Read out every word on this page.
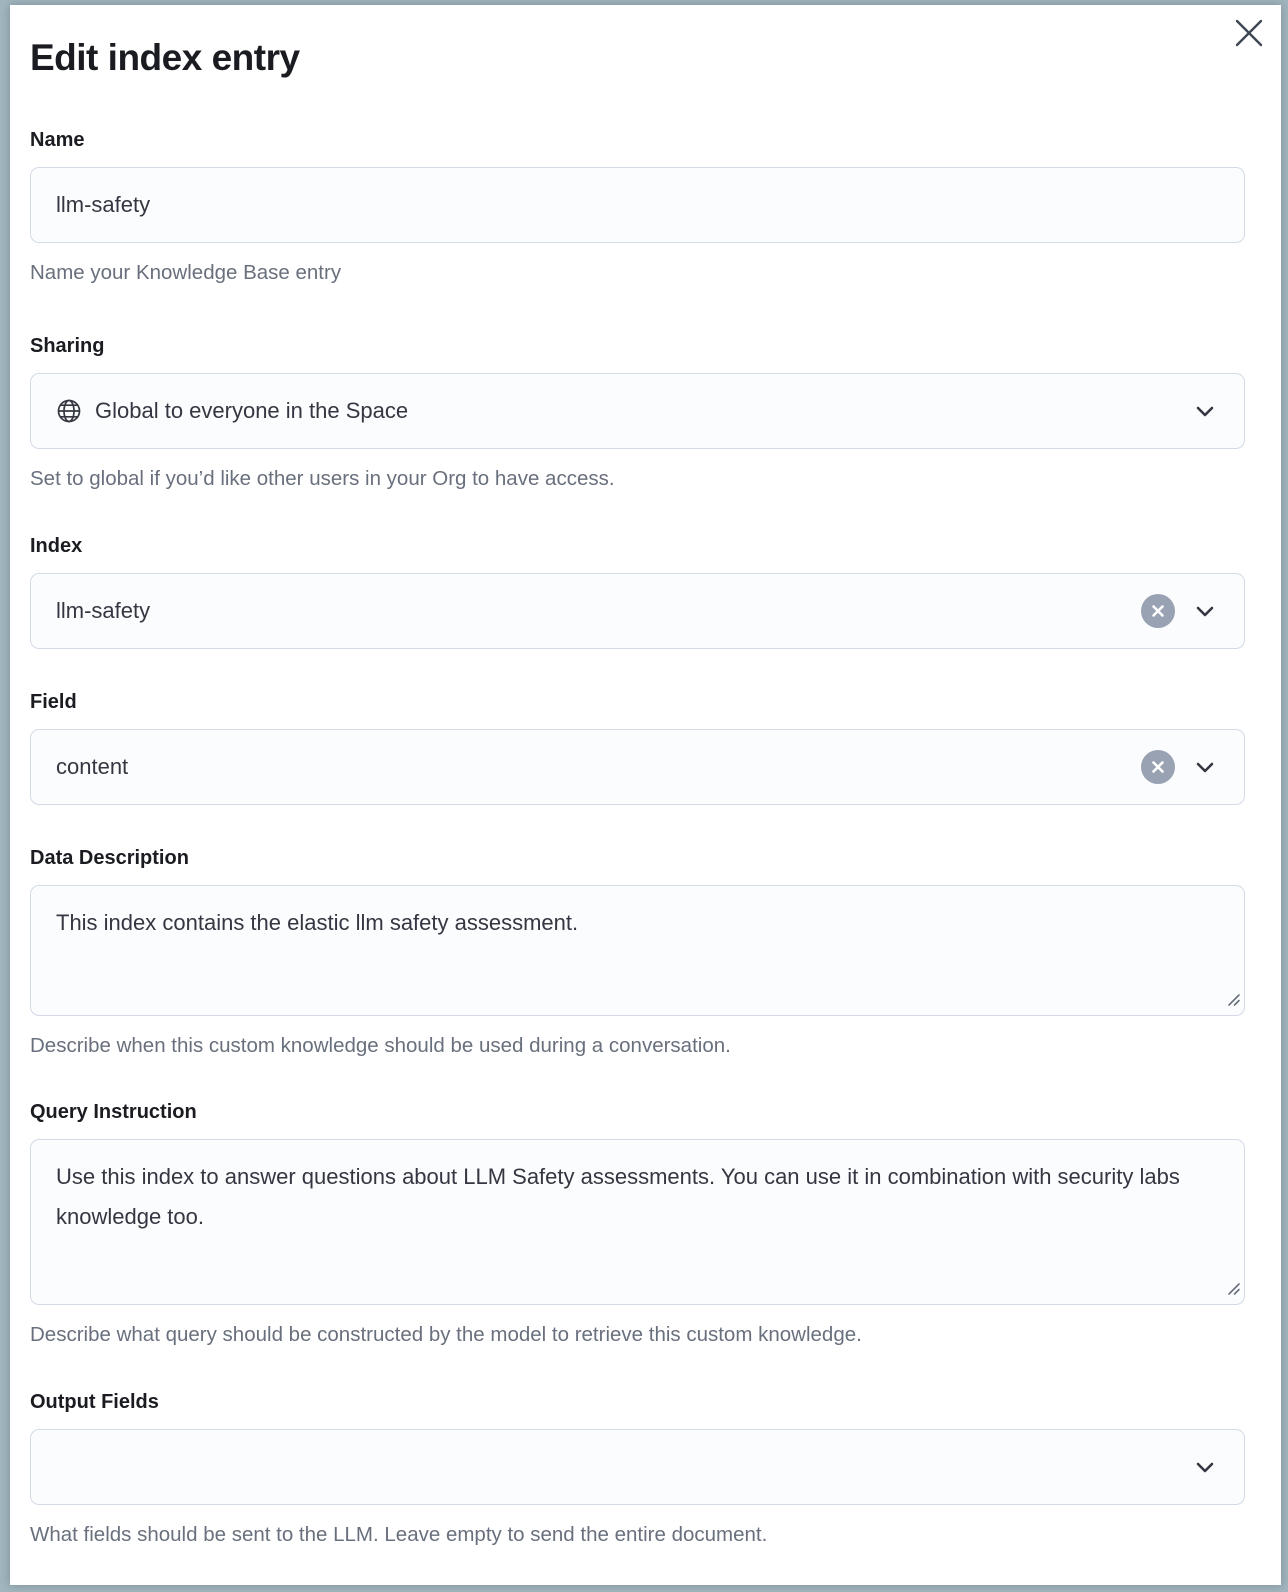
Edit index entry
Name
llm-safety
Name your Knowledge Base entry
Sharing
Global to everyone in the Space
Set to global if you’d like other users in your Org to have access.
Index
llm-safety
Field
content
Data Description
This index contains the elastic llm safety assessment.
Describe when this custom knowledge should be used during a conversation.
Query Instruction
Use this index to answer questions about LLM Safety assessments. You can use it in combination with security labs knowledge too.
Describe what query should be constructed by the model to retrieve this custom knowledge.
Output Fields
What fields should be sent to the LLM. Leave empty to send the entire document.
